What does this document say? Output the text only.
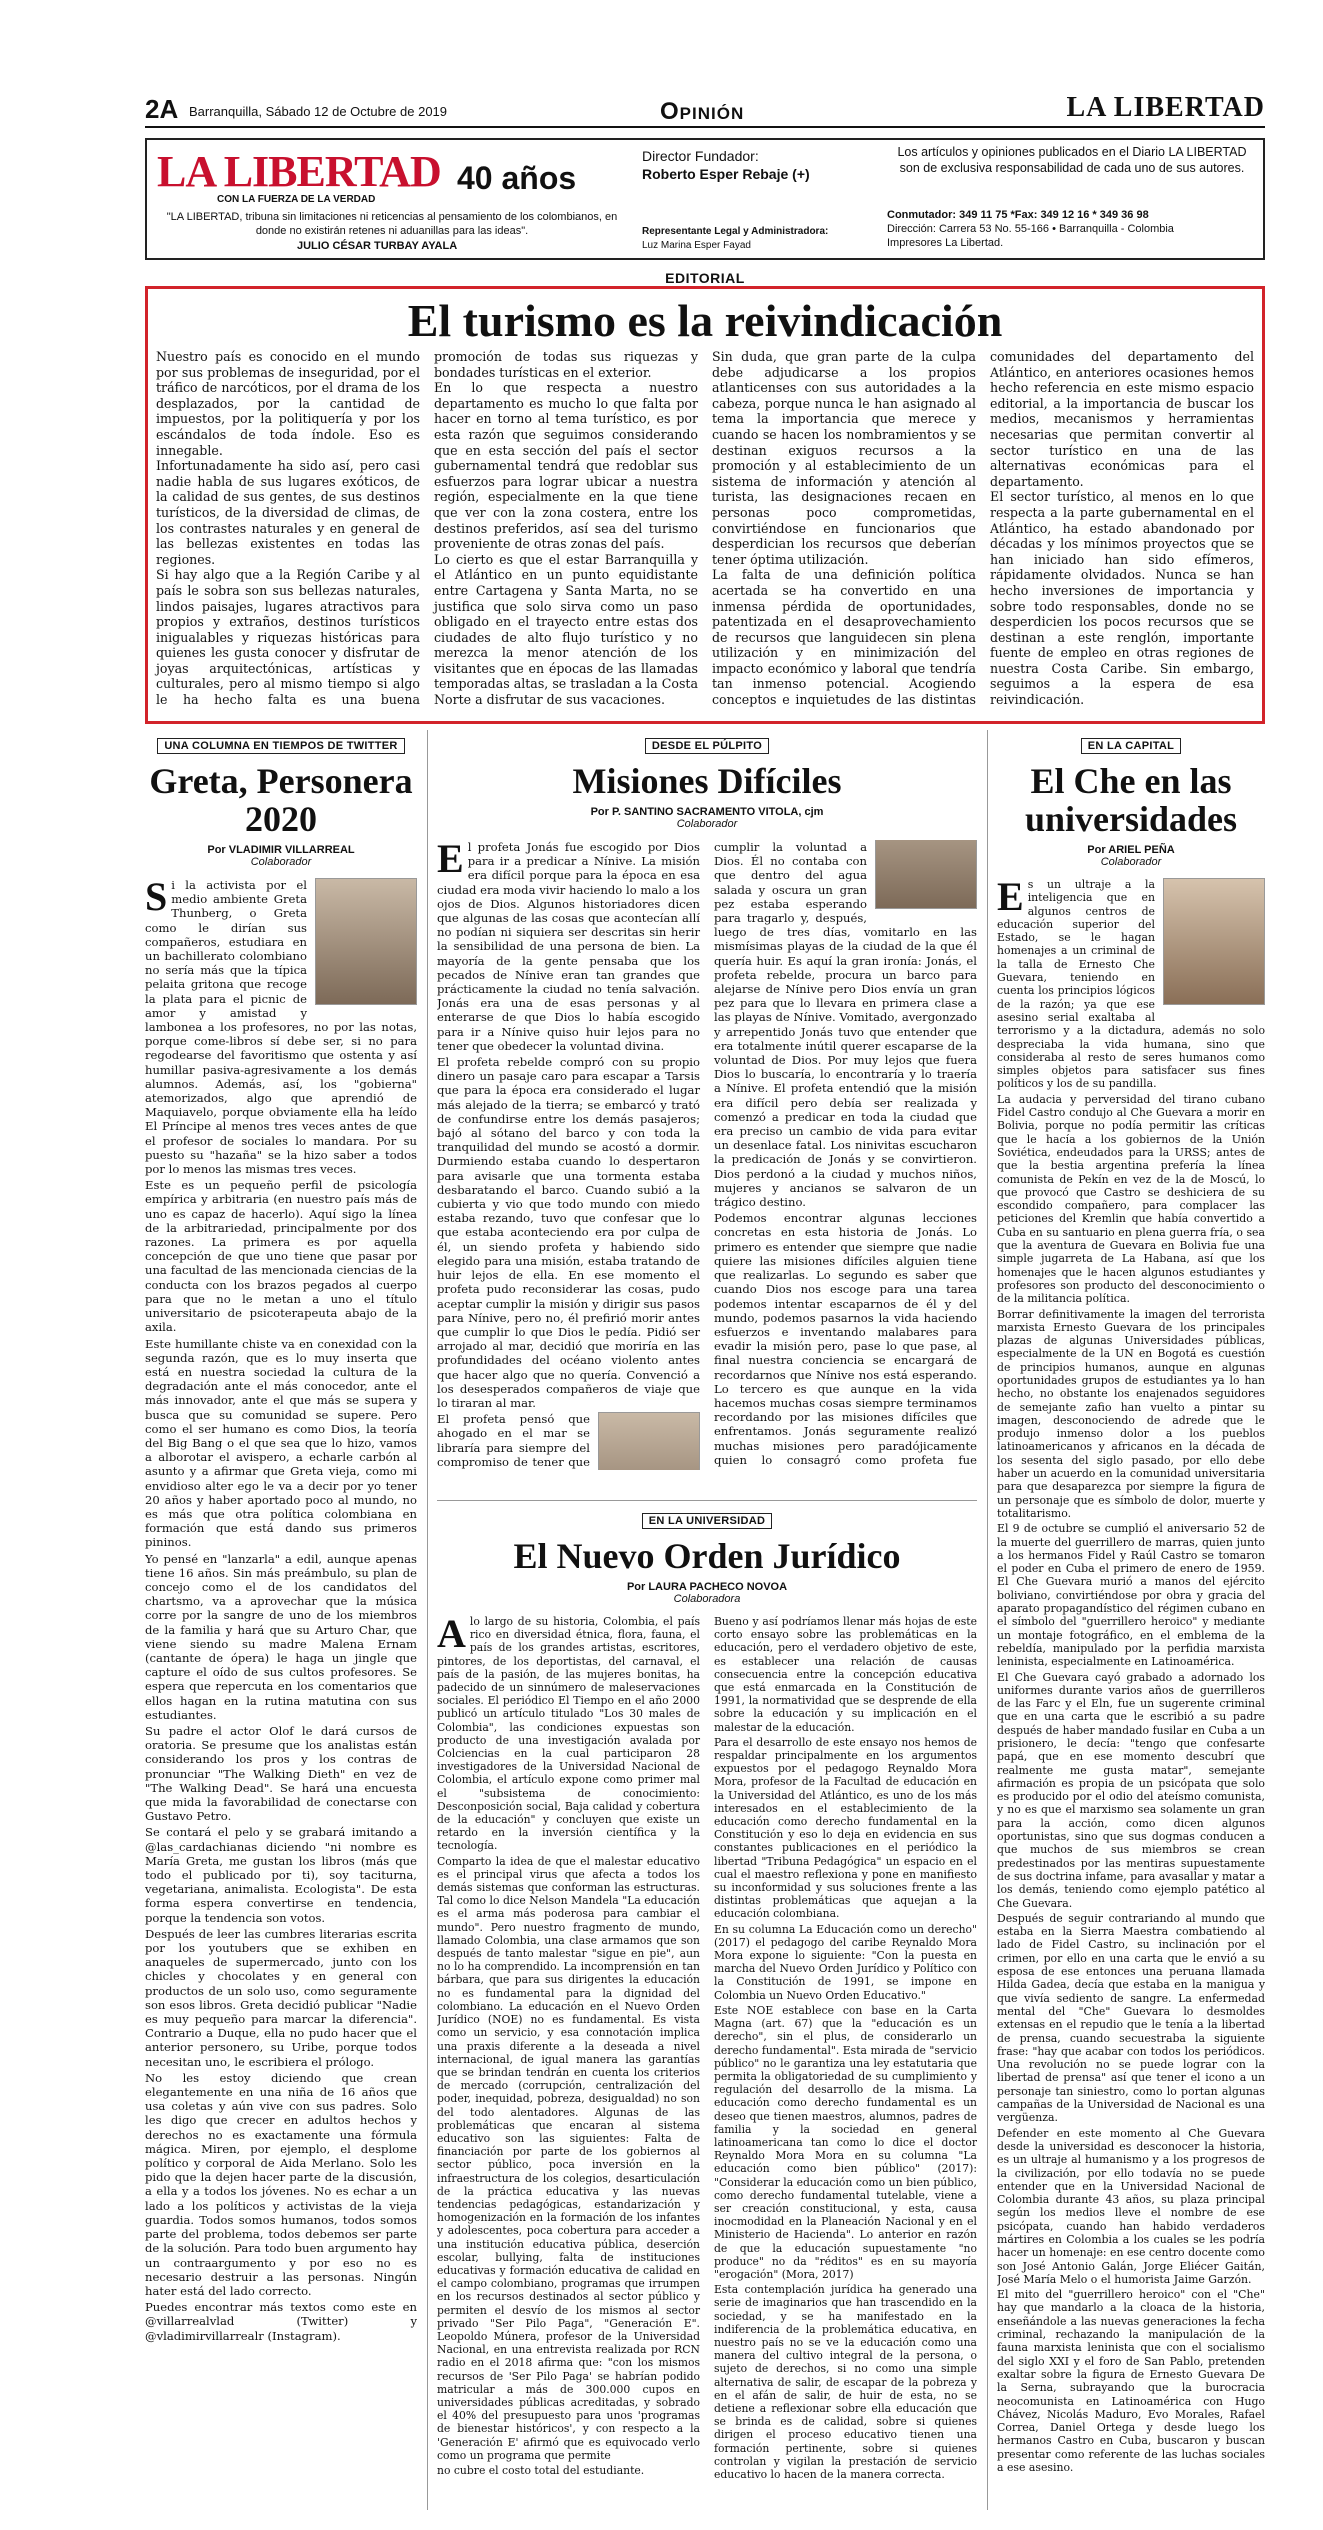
2A Barranquilla, Sábado 12 de Octubre de 2019	Opinión	LA LIBERTAD
LA LIBERTAD 40 años
CON LA FUERZA DE LA VERDAD
"LA LIBERTAD, tribuna sin limitaciones ni reticencias al pensamiento de los colombianos, en donde no existirán retenes ni aduanillas para las ideas".
JULIO CÉSAR TURBAY AYALA
Director Fundador:
Roberto Esper Rebaje (+)
Representante Legal y Administradora:
Luz Marina Esper Fayad
Los artículos y opiniones publicados en el Diario LA LIBERTAD son de exclusiva responsabilidad de cada uno de sus autores.
Conmutador: 349 11 75 *Fax: 349 12 16 * 349 36 98
Dirección: Carrera 53 No. 55-166 • Barranquilla - Colombia
Impresores La Libertad.
EDITORIAL
El turismo es la reivindicación

Nuestro país es conocido en el mundo por sus problemas de inseguridad, por el tráfico de narcóticos, por el drama de los desplazados, por la cantidad de impuestos, por la politiquería y por los escándalos de toda índole. Eso es innegable.

Infortunadamente ha sido así, pero casi nadie habla de sus lugares exóticos, de la calidad de sus gentes, de sus destinos turísticos, de la diversidad de climas, de los contrastes naturales y en general de las bellezas existentes en todas las regiones.

Si hay algo que a la Región Caribe y al país le sobra son sus bellezas naturales, lindos paisajes, lugares atractivos para propios y extraños, destinos turísticos inigualables y riquezas históricas para quienes les gusta conocer y disfrutar de joyas arquitectónicas, artísticas y culturales, pero al mismo tiempo si algo le ha hecho falta es una buena promoción de todas sus riquezas y bondades turísticas en el exterior.

En lo que respecta a nuestro departamento es mucho lo que falta por hacer en torno al tema turístico, es por esta razón que seguimos considerando que en esta sección del país el sector gubernamental tendrá que redoblar sus esfuerzos para lograr ubicar a nuestra región, especialmente en la que tiene que ver con la zona costera, entre los destinos preferidos, así sea del turismo proveniente de otras zonas del país.

Lo cierto es que el estar Barranquilla y el Atlántico en un punto equidistante entre Cartagena y Santa Marta, no se justifica que solo sirva como un paso obligado en el trayecto entre estas dos ciudades de alto flujo turístico y no merezca la menor atención de los visitantes que en épocas de las llamadas temporadas altas, se trasladan a la Costa Norte a disfrutar de sus vacaciones.

Sin duda, que gran parte de la culpa debe adjudicarse a los propios atlanticenses con sus autoridades a la cabeza, porque nunca le han asignado al tema la importancia que merece y cuando se hacen los nombramientos y se destinan exiguos recursos a la promoción y al establecimiento de un sistema de información y atención al turista, las designaciones recaen en personas poco comprometidas, convirtiéndose en funcionarios que desperdician los recursos que deberían tener óptima utilización.

La falta de una definición política acertada se ha convertido en una inmensa pérdida de oportunidades, patentizada en el desaprovechamiento de recursos que languidecen sin plena utilización y en minimización del impacto económico y laboral que tendría tan inmenso potencial. Acogiendo conceptos e inquietudes de las distintas comunidades del departamento del Atlántico, en anteriores ocasiones hemos hecho referencia en este mismo espacio editorial, a la importancia de buscar los medios, mecanismos y herramientas necesarias que permitan convertir al sector turístico en una de las alternativas económicas para el departamento.

El sector turístico, al menos en lo que respecta a la parte gubernamental en el Atlántico, ha estado abandonado por décadas y los mínimos proyectos que se han iniciado han sido efímeros, rápidamente olvidados. Nunca se han hecho inversiones de importancia y sobre todo responsables, donde no se desperdicien los pocos recursos que se destinan a este renglón, importante fuente de empleo en otras regiones de nuestra Costa Caribe. Sin embargo, seguimos a la espera de esa reivindicación.

UNA COLUMNA EN TIEMPOS DE TWITTER
Greta, Personera 2020
Por VLADIMIR VILLARREAL
Colaborador
S i la activista por el medio ambiente Greta Thunberg, o Greta como le dirían sus compañeros, estudiara en un bachillerato colombiano no sería más que la típica pelaita gritona que recoge la plata para el picnic de amor y amistad y lambonea a los profesores, no por las notas, porque come-libros sí debe ser, si no para regodearse del favoritismo que ostenta y así humillar pasiva-agresivamente a los demás alumnos. Además, así, los "gobierna" atemorizados, algo que aprendió de Maquiavelo, porque obviamente ella ha leído El Príncipe al menos tres veces antes de que el profesor de sociales lo mandara. Por su puesto su "hazaña" se la hizo saber a todos por lo menos las mismas tres veces.

Este es un pequeño perfil de psicología empírica y arbitraria (en nuestro país más de uno es capaz de hacerlo). Aquí sigo la línea de la arbitrariedad, principalmente por dos razones. La primera es por aquella concepción de que uno tiene que pasar por una facultad de las mencionada ciencias de la conducta con los brazos pegados al cuerpo para que no le metan a uno el título universitario de psicoterapeuta abajo de la axila.

Este humillante chiste va en conexidad con la segunda razón, que es lo muy inserta que está en nuestra sociedad la cultura de la degradación ante el más conocedor, ante el más innovador, ante el que más se supera y busca que su comunidad se supere. Pero como el ser humano es como Dios, la teoría del Big Bang o el que sea que lo hizo, vamos a alborotar el avispero, a echarle carbón al asunto y a afirmar que Greta vieja, como mi envidioso alter ego le va a decir por yo tener 20 años y haber aportado poco al mundo, no es más que otra política colombiana en formación que está dando sus primeros pininos.

Yo pensé en "lanzarla" a edil, aunque apenas tiene 16 años. Sin más preámbulo, su plan de concejo como el de los candidatos del chartsmo, va a aprovechar que la música corre por la sangre de uno de los miembros de la familia y hará que su Arturo Char, que viene siendo su madre Malena Ernam (cantante de ópera) le haga un jingle que capture el oído de sus cultos profesores. Se espera que repercuta en los comentarios que ellos hagan en la rutina matutina con sus estudiantes.

Su padre el actor Olof le dará cursos de oratoria. Se presume que los analistas están considerando los pros y los contras de pronunciar "The Walking Dieth" en vez de "The Walking Dead". Se hará una encuesta que mida la favorabilidad de conectarse con Gustavo Petro.

Se contará el pelo y se grabará imitando a @las_cardachianas diciendo "ni nombre es María Greta, me gustan los libros (más que todo el publicado por ti), soy taciturna, vegetariana, animalista. Ecologista". De esta forma espera convertirse en tendencia, porque la tendencia son votos.

Después de leer las cumbres literarias escrita por los youtubers que se exhiben en anaqueles de supermercado, junto con los chicles y chocolates y en general con productos de un solo uso, como seguramente son esos libros. Greta decidió publicar "Nadie es muy pequeño para marcar la diferencia". Contrario a Duque, ella no pudo hacer que el anterior personero, su Uribe, porque todos necesitan uno, le escribiera el prólogo.

No les estoy diciendo que crean elegantemente en una niña de 16 años que usa coletas y aún vive con sus padres. Solo les digo que crecer en adultos hechos y derechos no es exactamente una fórmula mágica. Miren, por ejemplo, el desplome político y corporal de Aida Merlano. Solo les pido que la dejen hacer parte de la discusión, a ella y a todos los jóvenes. No es echar a un lado a los políticos y activistas de la vieja guardia. Todos somos humanos, todos somos parte del problema, todos debemos ser parte de la solución. Para todo buen argumento hay un contraargumento y por eso no es necesario destruir a las personas. Ningún hater está del lado correcto.

Puedes encontrar más textos como este en @villarrealvlad (Twitter) y @vladimirvillarrealr (Instagram).

DESDE EL PÚLPITO
Misiones Difíciles
Por P. SANTINO SACRAMENTO VITOLA, cjm
Colaborador
E l profeta Jonás fue escogido por Dios para ir a predicar a Nínive. La misión era difícil porque para la época en esa ciudad era moda vivir haciendo lo malo a los ojos de Dios. Algunos historiadores dicen que algunas de las cosas que acontecían allí no podían ni siquiera ser descritas sin herir la sensibilidad de una persona de bien. La mayoría de la gente pensaba que los pecados de Nínive eran tan grandes que prácticamente la ciudad no tenía salvación. Jonás era una de esas personas y al enterarse de que Dios lo había escogido para ir a Nínive quiso huir lejos para no tener que obedecer la voluntad divina.

El profeta rebelde compró con su propio dinero un pasaje caro para escapar a Tarsis que para la época era considerado el lugar más alejado de la tierra; se embarcó y trató de confundirse entre los demás pasajeros; bajó al sótano del barco y con toda la tranquilidad del mundo se acostó a dormir. Durmiendo estaba cuando lo despertaron para avisarle que una tormenta estaba desbaratando el barco. Cuando subió a la cubierta y vio que todo mundo con miedo estaba rezando, tuvo que confesar que lo que estaba aconteciendo era por culpa de él, un siendo profeta y habiendo sido elegido para una misión, estaba tratando de huir lejos de ella. En ese momento el profeta pudo reconsiderar las cosas, pudo aceptar cumplir la misión y dirigir sus pasos para Nínive, pero no, él prefirió morir antes que cumplir lo que Dios le pedía. Pidió ser arrojado al mar, decidió que moriría en las profundidades del océano violento antes que hacer algo que no quería. Convenció a los desesperados compañeros de viaje que lo tiraran al mar.

El profeta pensó que ahogado en el mar se libraría para siempre del compromiso de tener que cumplir la voluntad a Dios. Él no contaba con que dentro del agua salada y oscura un gran pez estaba esperando para tragarlo y, después, luego de tres días, vomitarlo en las mismísimas playas de la ciudad de la que él quería huir. Es aquí la gran ironía: Jonás, el profeta rebelde, procura un barco para alejarse de Nínive pero Dios envía un gran pez para que lo llevara en primera clase a las playas de Nínive. Vomitado, avergonzado y arrepentido Jonás tuvo que entender que era totalmente inútil querer escaparse de la voluntad de Dios. Por muy lejos que fuera Dios lo buscaría, lo encontraría y lo traería a Nínive. El profeta entendió que la misión era difícil pero debía ser realizada y comenzó a predicar en toda la ciudad que era preciso un cambio de vida para evitar un desenlace fatal. Los ninivitas escucharon la predicación de Jonás y se convirtieron. Dios perdonó a la ciudad y muchos niños, mujeres y ancianos se salvaron de un trágico destino.

Podemos encontrar algunas lecciones concretas en esta historia de Jonás. Lo primero es entender que siempre que nadie quiere las misiones difíciles alguien tiene que realizarlas. Lo segundo es saber que cuando Dios nos escoge para una tarea podemos intentar escaparnos de él y del mundo, podemos pasarnos la vida haciendo esfuerzos e inventando malabares para evadir la misión pero, pase lo que pase, al final nuestra conciencia se encargará de recordarnos que Nínive nos está esperando. Lo tercero es que aunque en la vida hacemos muchas cosas siempre terminamos recordando por las misiones difíciles que enfrentamos. Jonás seguramente realizó muchas misiones pero paradójicamente quien lo consagró como profeta fue

EN LA UNIVERSIDAD
El Nuevo Orden Jurídico
Por LAURA PACHECO NOVOA
Colaboradora
A lo largo de su historia, Colombia, el país rico en diversidad étnica, flora, fauna, el país de los grandes artistas, escritores, pintores, de los deportistas, del carnaval, el país de la pasión, de las mujeres bonitas, ha padecido de un sinnúmero de maleservaciones sociales. El periódico El Tiempo en el año 2000 publicó un artículo titulado "Los 30 males de Colombia", las condiciones expuestas son producto de una investigación avalada por Colciencias en la cual participaron 28 investigadores de la Universidad Nacional de Colombia, el artículo expone como primer mal el "subsistema de conocimiento: Desconposición social, Baja calidad y cobertura de la educación" y concluyen que existe un retardo en la inversión científica y la tecnología.

Comparto la idea de que el malestar educativo es el principal virus que afecta a todos los demás sistemas que conforman las estructuras. Tal como lo dice Nelson Mandela "La educación es el arma más poderosa para cambiar el mundo". Pero nuestro fragmento de mundo, llamado Colombia, una clase armamos que son después de tanto malestar "sigue en pie", aun no lo ha comprendido. La incomprensión en tan bárbara, que para sus dirigentes la educación no es fundamental para la dignidad del colombiano. La educación en el Nuevo Orden Jurídico (NOE) no es fundamental. Es vista como un servicio, y esa connotación implica una praxis diferente a la deseada a nivel internacional, de igual manera las garantías que se brindan tendrán en cuenta los criterios de mercado (corrupción, centralización del poder, inequidad, pobreza, desigualdad) no son del todo alentadores. Algunas de las problemáticas que encaran al sistema educativo son las siguientes: Falta de financiación por parte de los gobiernos al sector público, poca inversión en la infraestructura de los colegios, desarticulación de la práctica educativa y las nuevas tendencias pedagógicas, estandarización y homogenización en la formación de los infantes y adolescentes, poca cobertura para acceder a una institución educativa pública, deserción escolar, bullying, falta de instituciones educativas y formación educativa de calidad en el campo colombiano, programas que irrumpen en los recursos destinados al sector público y permiten el desvío de los mismos al sector privado "Ser Pilo Paga", "Generación E". Leopoldo Múnera, profesor de la Universidad Nacional, en una entrevista realizada por RCN radio en el 2018 afirma que: "con los mismos recursos de 'Ser Pilo Paga' se habrían podido matricular a más de 300.000 cupos en universidades públicas acreditadas, y sobrado el 40% del presupuesto para unos 'programas de bienestar históricos', y con respecto a la 'Generación E' afirmó que es equivocado verlo como un programa que permite

no cubre el costo total del estudiante.

Bueno y así podríamos llenar más hojas de este corto ensayo sobre las problemáticas en la educación, pero el verdadero objetivo de este, es establecer una relación de causas consecuencia entre la concepción educativa que está enmarcada en la Constitución de 1991, la normatividad que se desprende de ella sobre la educación y su implicación en el malestar de la educación.

Para el desarrollo de este ensayo nos hemos de respaldar principalmente en los argumentos expuestos por el pedagogo Reynaldo Mora Mora, profesor de la Facultad de educación en la Universidad del Atlántico, es uno de los más interesados en el establecimiento de la educación como derecho fundamental en la Constitución y eso lo deja en evidencia en sus constantes publicaciones en el periódico la libertad "Tribuna Pedagógica" un espacio en el cual el maestro reflexiona y pone en manifiesto su inconformidad y sus soluciones frente a las distintas problemáticas que aquejan a la educación colombiana.

En su columna La Educación como un derecho" (2017) el pedagogo del caribe Reynaldo Mora Mora expone lo siguiente: "Con la puesta en marcha del Nuevo Orden Jurídico y Político con la Constitución de 1991, se impone en Colombia un Nuevo Orden Educativo."

Este NOE establece con base en la Carta Magna (art. 67) que la "educación es un derecho", sin el plus, de considerarlo un derecho fundamental". Esta mirada de "servicio público" no le garantiza una ley estatutaria que permita la obligatoriedad de su cumplimiento y regulación del desarrollo de la misma. La educación como derecho fundamental es un deseo que tienen maestros, alumnos, padres de familia y la sociedad en general latinoamericana tan como lo dice el doctor Reynaldo Mora Mora en su columna "La educación como bien público" (2017): "Considerar la educación como un bien público, como derecho fundamental tutelable, viene a ser creación constitucional, y esta, causa inocmodidad en la Planeación Nacional y en el Ministerio de Hacienda". Lo anterior en razón de que la educación supuestamente "no produce" no da "réditos" es en su mayoría "erogación" (Mora, 2017)

Esta contemplación jurídica ha generado una serie de imaginarios que han trascendido en la sociedad, y se ha manifestado en la indiferencia de la problemática educativa, en nuestro país no se ve la educación como una manera del cultivo integral de la persona, o sujeto de derechos, si no como una simple alternativa de salir, de escapar de la pobreza y en el afán de salir, de huir de esta, no se detiene a reflexionar sobre ella educación que se brinda es de calidad, sobre si quienes dirigen el proceso educativo tienen una formación pertinente, sobre si quienes controlan y vigilan la prestación de servicio educativo lo hacen de la manera correcta.

EN LA CAPITAL
El Che en las universidades
Por ARIEL PEÑA
Colaborador
E s un ultraje a la inteligencia que en algunos centros de educación superior del Estado, se le hagan homenajes a un criminal de la talla de Ernesto Che Guevara, teniendo en cuenta los principios lógicos de la razón; ya que ese asesino serial exaltaba al terrorismo y a la dictadura, además no solo despreciaba la vida humana, sino que consideraba al resto de seres humanos como simples objetos para satisfacer sus fines políticos y los de su pandilla.

La audacia y perversidad del tirano cubano Fidel Castro condujo al Che Guevara a morir en Bolivia, porque no podía permitir las críticas que le hacía a los gobiernos de la Unión Soviética, endeudados para la URSS; antes de que la bestia argentina prefería la línea comunista de Pekín en vez de la de Moscú, lo que provocó que Castro se deshiciera de su escondido compañero, para complacer las peticiones del Kremlin que había convertido a Cuba en su santuario en plena guerra fría, o sea que la aventura de Guevara en Bolivia fue una simple jugarreta de La Habana, así que los homenajes que le hacen algunos estudiantes y profesores son producto del desconocimiento o de la militancia política.

Borrar definitivamente la imagen del terrorista marxista Ernesto Guevara de los principales plazas de algunas Universidades públicas, especialmente de la UN en Bogotá es cuestión de principios humanos, aunque en algunas oportunidades grupos de estudiantes ya lo han hecho, no obstante los enajenados seguidores de semejante zafio han vuelto a pintar su imagen, desconociendo de adrede que le produjo inmenso dolor a los pueblos latinoamericanos y africanos en la década de los sesenta del siglo pasado, por ello debe haber un acuerdo en la comunidad universitaria para que desaparezca por siempre la figura de un personaje que es símbolo de dolor, muerte y totalitarismo.

El 9 de octubre se cumplió el aniversario 52 de la muerte del guerrillero de marras, quien junto a los hermanos Fidel y Raúl Castro se tomaron el poder en Cuba el primero de enero de 1959. El Che Guevara murió a manos del ejército boliviano, convirtiéndose por obra y gracia del aparato propagandístico del régimen cubano en el símbolo del "guerrillero heroico" y mediante un montaje fotográfico, en el emblema de la rebeldía, manipulado por la perfidia marxista leninista, especialmente en Latinoamérica.

El Che Guevara cayó grabado a adornado los uniformes durante varios años de guerrilleros de las Farc y el Eln, fue un sugerente criminal que en una carta que le escribió a su padre después de haber mandado fusilar en Cuba a un prisionero, le decía: "tengo que confesarte papá, que en ese momento descubrí que realmente me gusta matar", semejante afirmación es propia de un psicópata que solo es producido por el odio del ateísmo comunista, y no es que el marxismo sea solamente un gran para la acción, como dicen algunos oportunistas, sino que sus dogmas conducen a que muchos de sus miembros se crean predestinados por las mentiras supuestamente de sus doctrina infame, para avasallar y matar a los demás, teniendo como ejemplo patético al Che Guevara.

Después de seguir contrariando al mundo que estaba en la Sierra Maestra combatiendo al lado de Fidel Castro, su inclinación por el crimen, por ello en una carta que le envió a su esposa de ese entonces una peruana llamada Hilda Gadea, decía que estaba en la manigua y que vivía sediento de sangre. La enfermedad mental del "Che" Guevara lo desmoldes extensas en el repudio que le tenía a la libertad de prensa, cuando secuestraba la siguiente frase: "hay que acabar con todos los periódicos. Una revolución no se puede lograr con la libertad de prensa" así que tener el icono a un personaje tan siniestro, como lo portan algunas campañas de la Universidad de Nacional es una vergüenza.

Defender en este momento al Che Guevara desde la universidad es desconocer la historia, es un ultraje al humanismo y a los progresos de la civilización, por ello todavía no se puede entender que en la Universidad Nacional de Colombia durante 43 años, su plaza principal según los medios lleve el nombre de ese psicópata, cuando han habido verdaderos mártires en Colombia a los cuales se les podría hacer un homenaje: en ese centro docente como son José Antonio Galán, Jorge Eliécer Gaitán, José María Melo o el humorista Jaime Garzón.

El mito del "guerrillero heroico" con el "Che" hay que mandarlo a la cloaca de la historia, enseñándole a las nuevas generaciones la fecha criminal, rechazando la manipulación de la fauna marxista leninista que con el socialismo del siglo XXI y el foro de San Pablo, pretenden exaltar sobre la figura de Ernesto Guevara De la Serna, subrayando que la burocracia neocomunista en Latinoamérica con Hugo Chávez, Nicolás Maduro, Evo Morales, Rafael Correa, Daniel Ortega y desde luego los hermanos Castro en Cuba, buscaron y buscan presentar como referente de las luchas sociales a ese asesino.
